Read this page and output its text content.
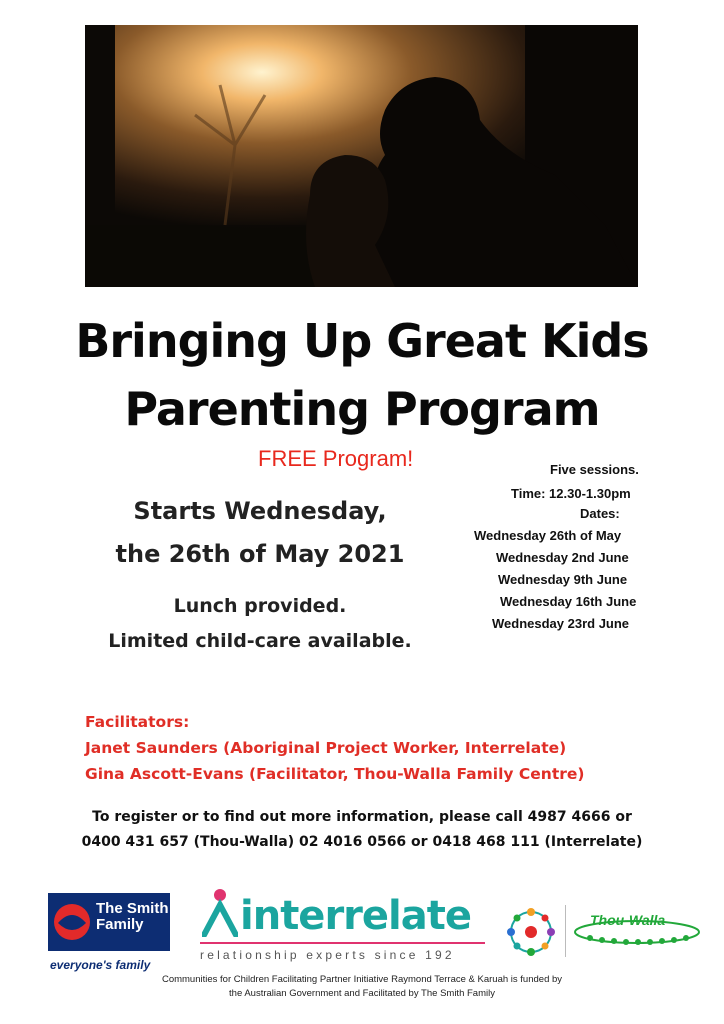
Bringing Up Great Kids
Parenting Program
FREE Program!
Starts Wednesday,
the 26th of May 2021
Lunch provided.
Limited child-care available.
Five sessions.
Time: 12.30-1.30pm
Dates:
Wednesday 26th of May
Wednesday 2nd June
Wednesday 9th June
Wednesday 16th June
Wednesday 23rd June
Facilitators:
Janet Saunders (Aboriginal Project Worker, Interrelate)
Gina Ascott-Evans (Facilitator, Thou-Walla Family Centre)
To register or to find out more information, please call 4987 4666 or
0400 431 657 (Thou-Walla) 02 4016 0566 or 0418 468 111 (Interrelate)
The Smith
Family
everyone's family
interrelate
relationship experts since 192
Thou-Walla
Communities for Children Facilitating Partner Initiative Raymond Terrace & Karuah is funded by
the Australian Government and Facilitated by The Smith Family
